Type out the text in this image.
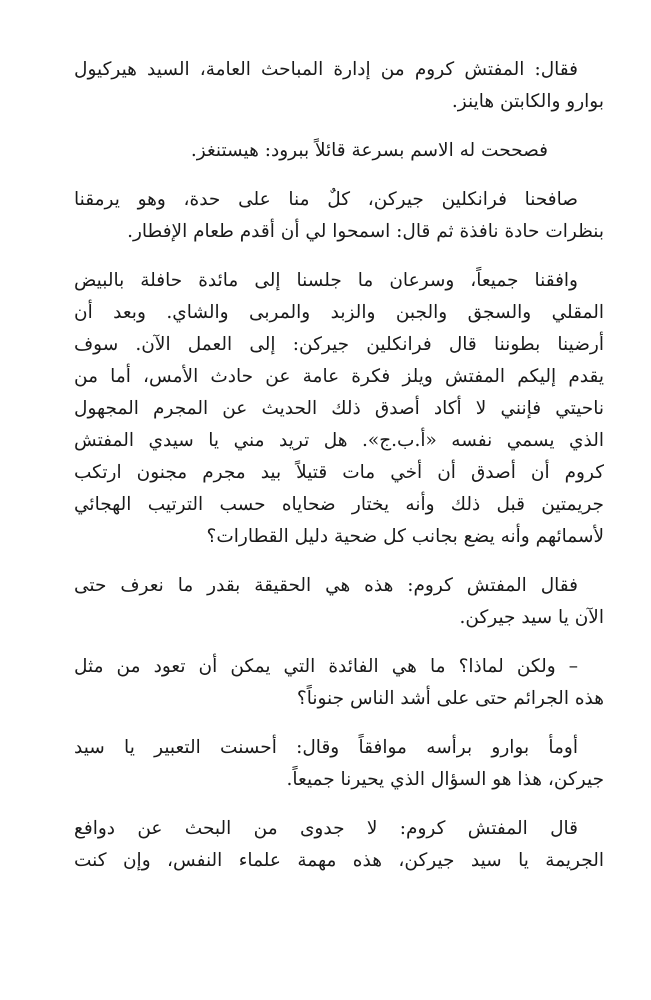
فقال: المفتش كروم من إدارة المباحث العامة، السيد هيركيول
بوارو والكابتن هاينز.

فصححت له الاسم بسرعة قائلاً ببرود: هيستنغز.

صافحنا فرانكلين جيركن، كلٌ منا على حدة، وهو يرمقنا
بنظرات حادة نافذة ثم قال: اسمحوا لي أن أقدم طعام الإفطار.

وافقنا جميعاً، وسرعان ما جلسنا إلى مائدة حافلة بالبيض
المقلي والسجق والجبن والزبد والمربى والشاي. وبعد أن
أرضينا بطوننا قال فرانكلين جيركن: إلى العمل الآن. سوف
يقدم إليكم المفتش ويلز فكرة عامة عن حادث الأمس، أما من
ناحيتي فإنني لا أكاد أصدق ذلك الحديث عن المجرم المجهول
الذي يسمي نفسه «أ.ب.ج». هل تريد مني يا سيدي المفتش
كروم أن أصدق أن أخي مات قتيلاً بيد مجرم مجنون ارتكب
جريمتين قبل ذلك وأنه يختار ضحاياه حسب الترتيب الهجائي
لأسمائهم وأنه يضع بجانب كل ضحية دليل القطارات؟

فقال المفتش كروم: هذه هي الحقيقة بقدر ما نعرف حتى
الآن يا سيد جيركن.

– ولكن لماذا؟ ما هي الفائدة التي يمكن أن تعود من مثل
هذه الجرائم حتى على أشد الناس جنوناً؟

أومأ بوارو برأسه موافقاً وقال: أحسنت التعبير يا سيد
جيركن، هذا هو السؤال الذي يحيرنا جميعاً.

قال المفتش كروم: لا جدوى من البحث عن دوافع
الجريمة يا سيد جيركن، هذه مهمة علماء النفس، وإن كنت
